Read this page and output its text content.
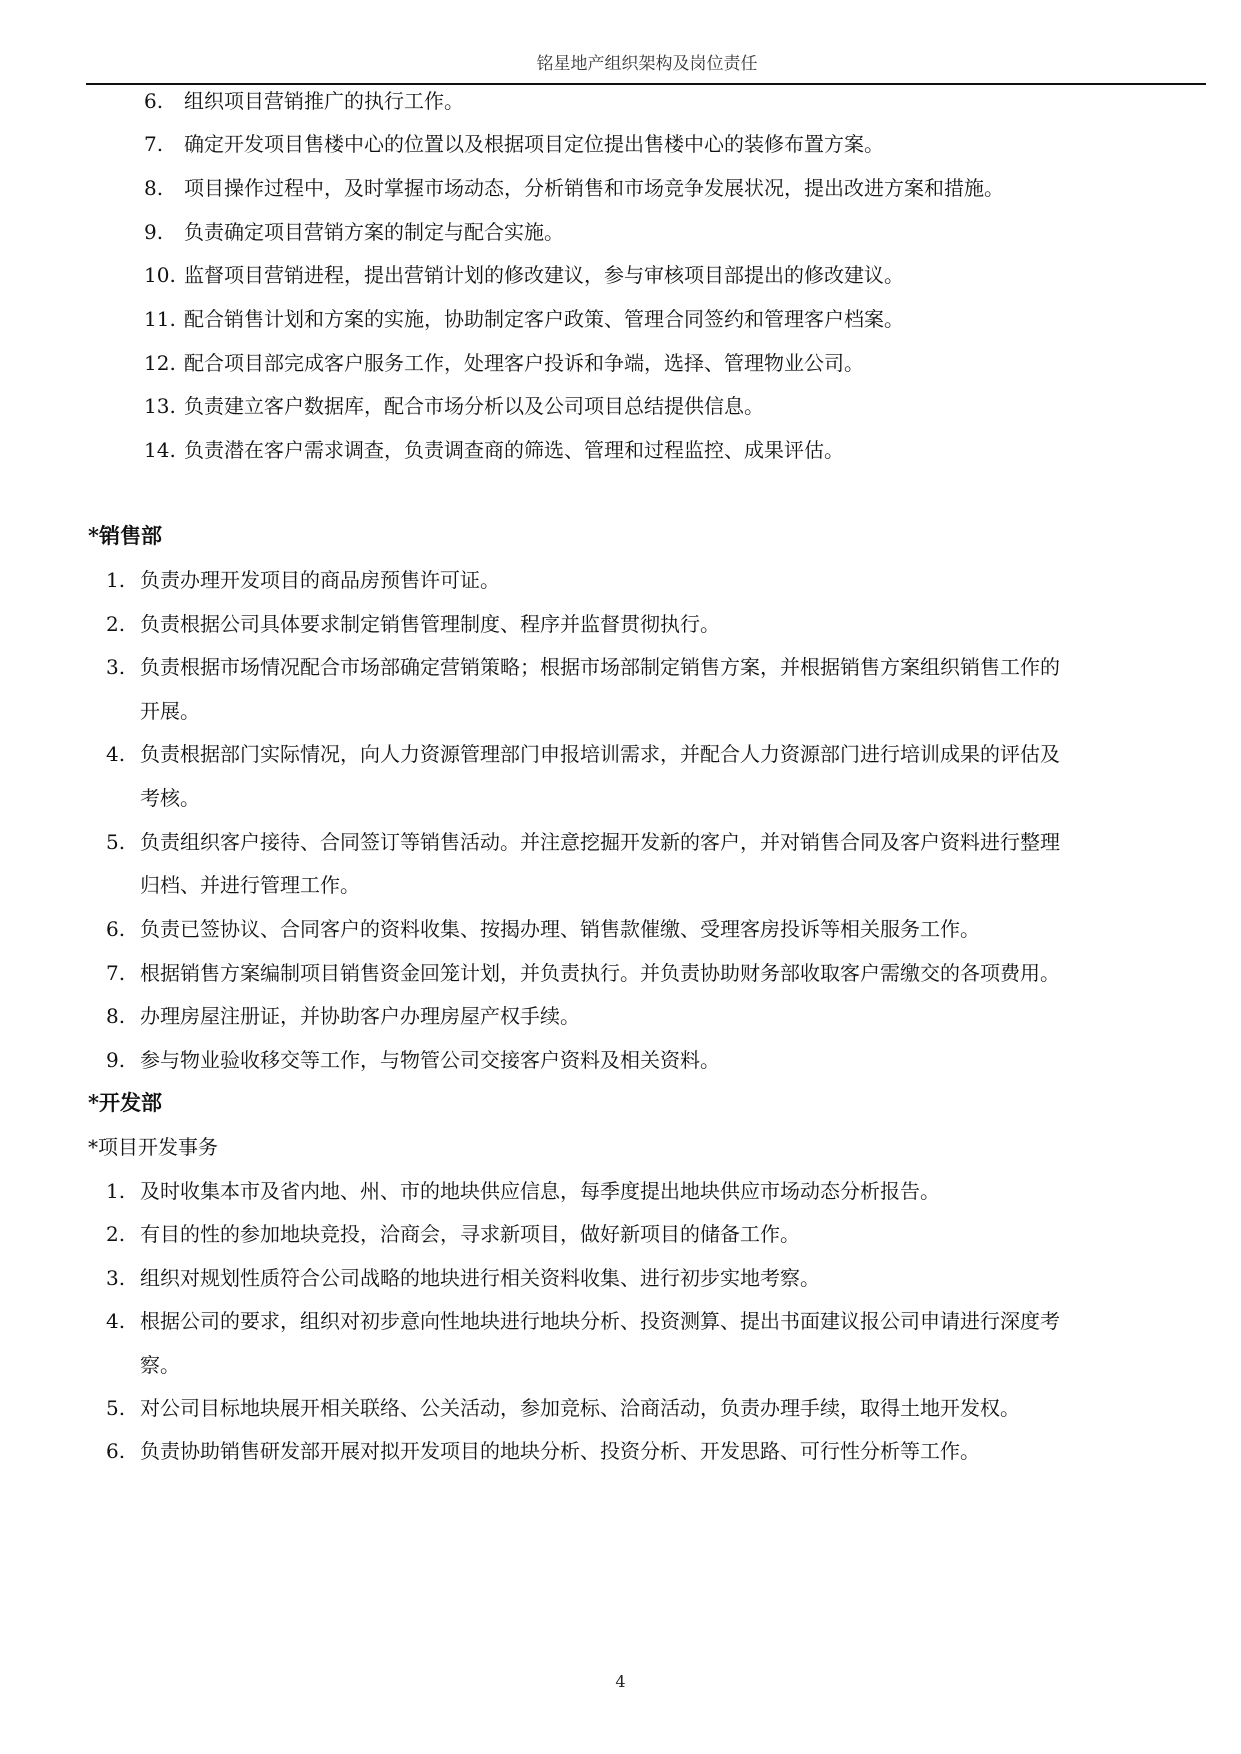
铭星地产组织架构及岗位责任
*销售部
*开发部
*项目开发事务
6. 组织项目营销推广的执行工作。
7. 确定开发项目售楼中心的位置以及根据项目定位提出售楼中心的装修布置方案。
8. 项目操作过程中，及时掌握市场动态，分析销售和市场竞争发展状况，提出改进方案和措施。
9. 负责确定项目营销方案的制定与配合实施。
10. 监督项目营销进程，提出营销计划的修改建议，参与审核项目部提出的修改建议。
11. 配合销售计划和方案的实施，协助制定客户政策、管理合同签约和管理客户档案。
12. 配合项目部完成客户服务工作，处理客户投诉和争端，选择、管理物业公司。
13. 负责建立客户数据库，配合市场分析以及公司项目总结提供信息。
14. 负责潜在客户需求调查，负责调查商的筛选、管理和过程监控、成果评估。
1. 负责办理开发项目的商品房预售许可证。
2. 负责根据公司具体要求制定销售管理制度、程序并监督贯彻执行。
3. 负责根据市场情况配合市场部确定营销策略；根据市场部制定销售方案，并根据销售方案组织销售工作的
开展。
4. 负责根据部门实际情况，向人力资源管理部门申报培训需求，并配合人力资源部门进行培训成果的评估及
考核。
5. 负责组织客户接待、合同签订等销售活动。并注意挖掘开发新的客户，并对销售合同及客户资料进行整理
归档、并进行管理工作。
6. 负责已签协议、合同客户的资料收集、按揭办理、销售款催缴、受理客房投诉等相关服务工作。
7. 根据销售方案编制项目销售资金回笼计划，并负责执行。并负责协助财务部收取客户需缴交的各项费用。
8. 办理房屋注册证，并协助客户办理房屋产权手续。
9. 参与物业验收移交等工作，与物管公司交接客户资料及相关资料。
1. 及时收集本市及省内地、州、市的地块供应信息，每季度提出地块供应市场动态分析报告。
2. 有目的性的参加地块竞投，洽商会，寻求新项目，做好新项目的储备工作。
3. 组织对规划性质符合公司战略的地块进行相关资料收集、进行初步实地考察。
4. 根据公司的要求，组织对初步意向性地块进行地块分析、投资测算、提出书面建议报公司申请进行深度考
察。
5. 对公司目标地块展开相关联络、公关活动，参加竞标、洽商活动，负责办理手续，取得土地开发权。
6. 负责协助销售研发部开展对拟开发项目的地块分析、投资分析、开发思路、可行性分析等工作。
4
